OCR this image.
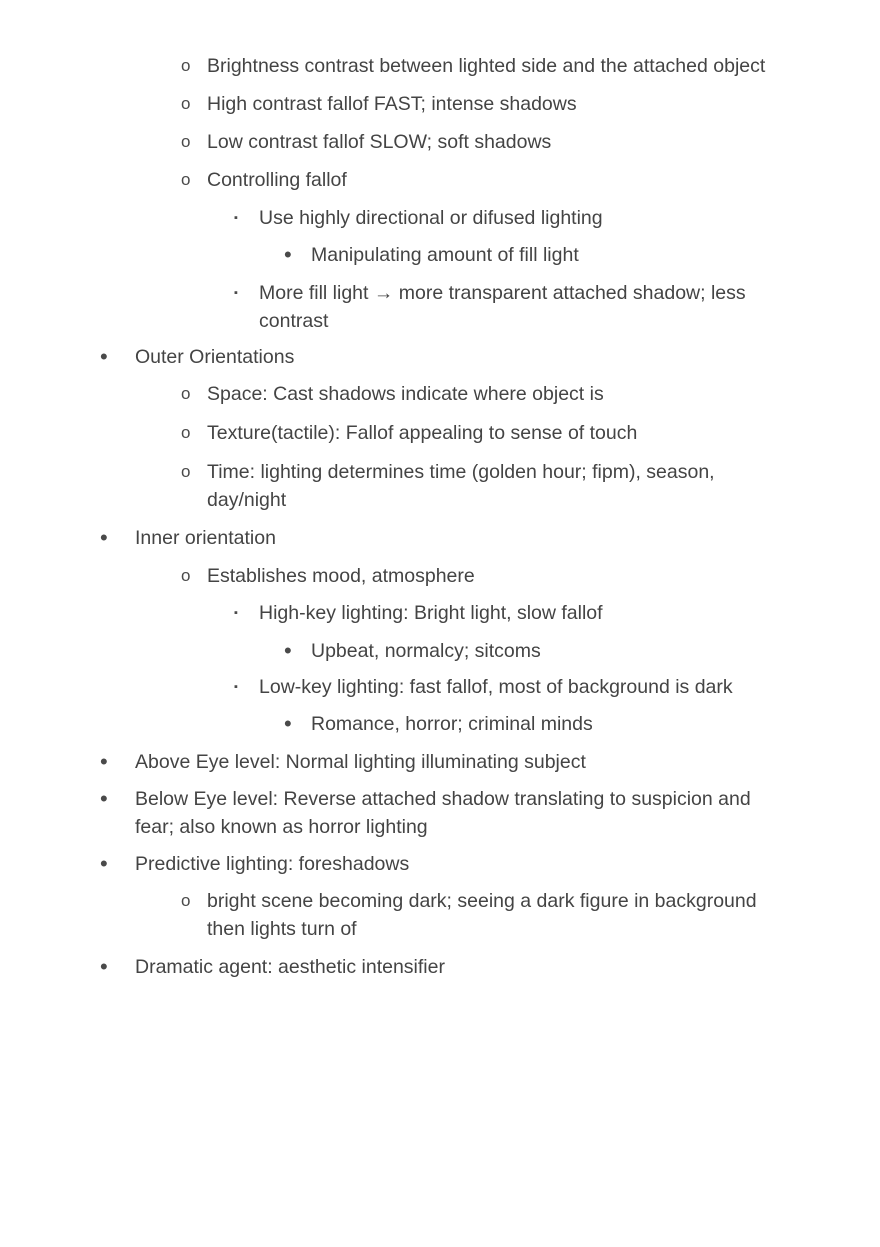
o Brightness contrast between lighted side and the attached object
o High contrast fallof FAST; intense shadows
o Low contrast fallof SLOW; soft shadows
o Controlling fallof
▪ Use highly directional or difused lighting
• Manipulating amount of fill light
▪ More fill light → more transparent attached shadow; less contrast
• Outer Orientations
o Space: Cast shadows indicate where object is
o Texture(tactile): Fallof appealing to sense of touch
o Time: lighting determines time (golden hour; fipm), season, day/night
• Inner orientation
o Establishes mood, atmosphere
▪ High-key lighting: Bright light, slow fallof
• Upbeat, normalcy; sitcoms
▪ Low-key lighting: fast fallof, most of background is dark
• Romance, horror; criminal minds
• Above Eye level: Normal lighting illuminating subject
• Below Eye level: Reverse attached shadow translating to suspicion and fear; also known as horror lighting
• Predictive lighting: foreshadows
o bright scene becoming dark; seeing a dark figure in background then lights turn of
• Dramatic agent: aesthetic intensifier
